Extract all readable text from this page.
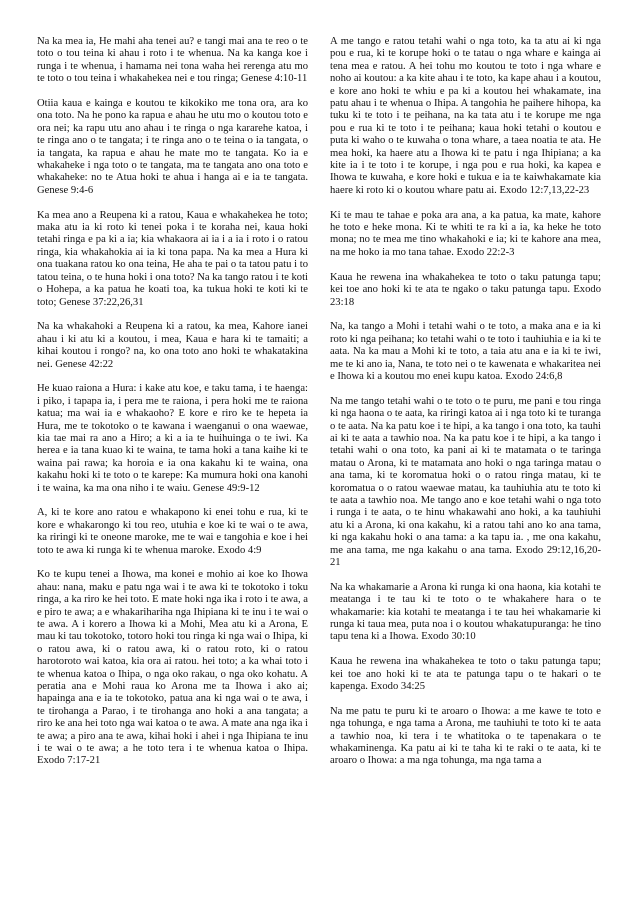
Na ka mea ia, He mahi aha tenei au? e tangi mai ana te reo o te toto o tou teina ki ahau i roto i te whenua. Na ka kanga koe i runga i te whenua, i hamama nei tona waha hei rerenga atu mo te toto o tou teina i whakahekea nei e tou ringa; Genese 4:10-11

Otiia kaua e kainga e koutou te kikokiko me tona ora, ara ko ona toto. Na he pono ka rapua e ahau he utu mo o koutou toto e ora nei; ka rapu utu ano ahau i te ringa o nga kararehe katoa, i te ringa ano o te tangata; i te ringa ano o te teina o ia tangata, o ia tangata, ka rapua e ahau he mate mo te tangata. Ko ia e whakaheke i nga toto o te tangata, ma te tangata ano ona toto e whakaheke: no te Atua hoki te ahua i hanga ai e ia te tangata. Genese 9:4-6

Ka mea ano a Reupena ki a ratou, Kaua e whakahekea he toto; maka atu ia ki roto ki tenei poka i te koraha nei, kaua hoki tetahi ringa e pa ki a ia; kia whakaora ai ia i a ia i roto i o ratou ringa, kia whakahokia ai ia ki tona papa. Na ka mea a Hura ki ona tuakana ratou ko ona teina, He aha te pai o ta tatou patu i to tatou teina, o te huna hoki i ona toto? Na ka tango ratou i te koti o Hohepa, a ka patua he koati toa, ka tukua hoki te koti ki te toto; Genese 37:22,26,31

Na ka whakahoki a Reupena ki a ratou, ka mea, Kahore ianei ahau i ki atu ki a koutou, i mea, Kaua e hara ki te tamaiti; a kihai koutou i rongo? na, ko ona toto ano hoki te whakatakina nei. Genese 42:22

He kuao raiona a Hura: i kake atu koe, e taku tama, i te haenga: i piko, i tapapa ia, i pera me te raiona, i pera hoki me te raiona katua; ma wai ia e whakaoho? E kore e riro ke te hepeta ia Hura, me te tokotoko o te kawana i waenganui o ona waewae, kia tae mai ra ano a Hiro; a ki a ia te huihuinga o te iwi. Ka herea e ia tana kuao ki te waina, te tama hoki a tana kaihe ki te waina pai rawa; ka horoia e ia ona kakahu ki te waina, ona kakahu hoki ki te toto o te karepe: Ka mumura hoki ona kanohi i te waina, ka ma ona niho i te waiu. Genese 49:9-12

A, ki te kore ano ratou e whakapono ki enei tohu e rua, ki te kore e whakarongo ki tou reo, utuhia e koe ki te wai o te awa, ka riringi ki te oneone maroke, me te wai e tangohia e koe i hei toto te awa ki runga ki te whenua maroke. Exodo 4:9

Ko te kupu tenei a Ihowa, ma konei e mohio ai koe ko Ihowa ahau: nana, maku e patu nga wai i te awa ki te tokotoko i toku ringa, a ka riro ke hei toto. E mate hoki nga ika i roto i te awa, a e piro te awa; a e whakarihariha nga Ihipiana ki te inu i te wai o te awa. A i korero a Ihowa ki a Mohi, Mea atu ki a Arona, E mau ki tau tokotoko, totoro hoki tou ringa ki nga wai o Ihipa, ki o ratou awa, ki o ratou awa, ki o ratou roto, ki o ratou harotoroto wai katoa, kia ora ai ratou. hei toto; a ka whai toto i te whenua katoa o Ihipa, o nga oko rakau, o nga oko kohatu. A peratia ana e Mohi raua ko Arona me ta Ihowa i ako ai; hapainga ana e ia te tokotoko, patua ana ki nga wai o te awa, i te tirohanga a Parao, i te tirohanga ano hoki a ana tangata; a riro ke ana hei toto nga wai katoa o te awa. A mate ana nga ika i te awa; a piro ana te awa, kihai hoki i ahei i nga Ihipiana te inu i te wai o te awa; a he toto tera i te whenua katoa o Ihipa. Exodo 7:17-21

A me tango e ratou tetahi wahi o nga toto, ka ta atu ai ki nga pou e rua, ki te korupe hoki o te tatau o nga whare e kainga ai tena mea e ratou. A hei tohu mo koutou te toto i nga whare e noho ai koutou: a ka kite ahau i te toto, ka kape ahau i a koutou, e kore ano hoki te whiu e pa ki a koutou hei whakamate, ina patu ahau i te whenua o Ihipa. A tangohia he paihere hihopa, ka tuku ki te toto i te peihana, na ka tata atu i te korupe me nga pou e rua ki te toto i te peihana; kaua hoki tetahi o koutou e puta ki waho o te kuwaha o tona whare, a taea noatia te ata. He mea hoki, ka haere atu a Ihowa ki te patu i nga Ihipiana; a ka kite ia i te toto i te korupe, i nga pou e rua hoki, ka kapea e Ihowa te kuwaha, e kore hoki e tukua e ia te kaiwhakamate kia haere ki roto ki o koutou whare patu ai. Exodo 12:7,13,22-23

Ki te mau te tahae e poka ara ana, a ka patua, ka mate, kahore he toto e heke mona. Ki te whiti te ra ki a ia, ka heke he toto mona; no te mea me tino whakahoki e ia; ki te kahore ana mea, na me hoko ia mo tana tahae. Exodo 22:2-3

Kaua he rewena ina whakahekea te toto o taku patunga tapu; kei toe ano hoki ki te ata te ngako o taku patunga tapu. Exodo 23:18

Na, ka tango a Mohi i tetahi wahi o te toto, a maka ana e ia ki roto ki nga peihana; ko tetahi wahi o te toto i tauhiuhia e ia ki te aata. Na ka mau a Mohi ki te toto, a taia atu ana e ia ki te iwi, me te ki ano ia, Nana, te toto nei o te kawenata e whakaritea nei e Ihowa ki a koutou mo enei kupu katoa. Exodo 24:6,8

Na me tango tetahi wahi o te toto o te puru, me pani e tou ringa ki nga haona o te aata, ka riringi katoa ai i nga toto ki te turanga o te aata. Na ka patu koe i te hipi, a ka tango i ona toto, ka tauhi ai ki te aata a tawhio noa. Na ka patu koe i te hipi, a ka tango i tetahi wahi o ona toto, ka pani ai ki te matamata o te taringa matau o Arona, ki te matamata ano hoki o nga taringa matau o ana tama, ki te koromatua hoki o o ratou ringa matau, ki te koromatua o o ratou waewae matau, ka tauhiuhia atu te toto ki te aata a tawhio noa. Me tango ano e koe tetahi wahi o nga toto i runga i te aata, o te hinu whakawahi ano hoki, a ka tauhiuhi atu ki a Arona, ki ona kakahu, ki a ratou tahi ano ko ana tama, ki nga kakahu hoki o ana tama: a ka tapu ia. , me ona kakahu, me ana tama, me nga kakahu o ana tama. Exodo 29:12,16,20-21

Na ka whakamarie a Arona ki runga ki ona haona, kia kotahi te meatanga i te tau ki te toto o te whakahere hara o te whakamarie: kia kotahi te meatanga i te tau hei whakamarie ki runga ki taua mea, puta noa i o koutou whakatupuranga: he tino tapu tena ki a Ihowa. Exodo 30:10

Kaua he rewena ina whakahekea te toto o taku patunga tapu; kei toe ano hoki ki te ata te patunga tapu o te hakari o te kapenga. Exodo 34:25

Na me patu te puru ki te aroaro o Ihowa: a me kawe te toto e nga tohunga, e nga tama a Arona, me tauhiuhi te toto ki te aata a tawhio noa, ki tera i te whatitoka o te tapenakara o te whakaminenga. Ka patu ai ki te taha ki te raki o te aata, ki te aroaro o Ihowa: a ma nga tohunga, ma nga tama a
